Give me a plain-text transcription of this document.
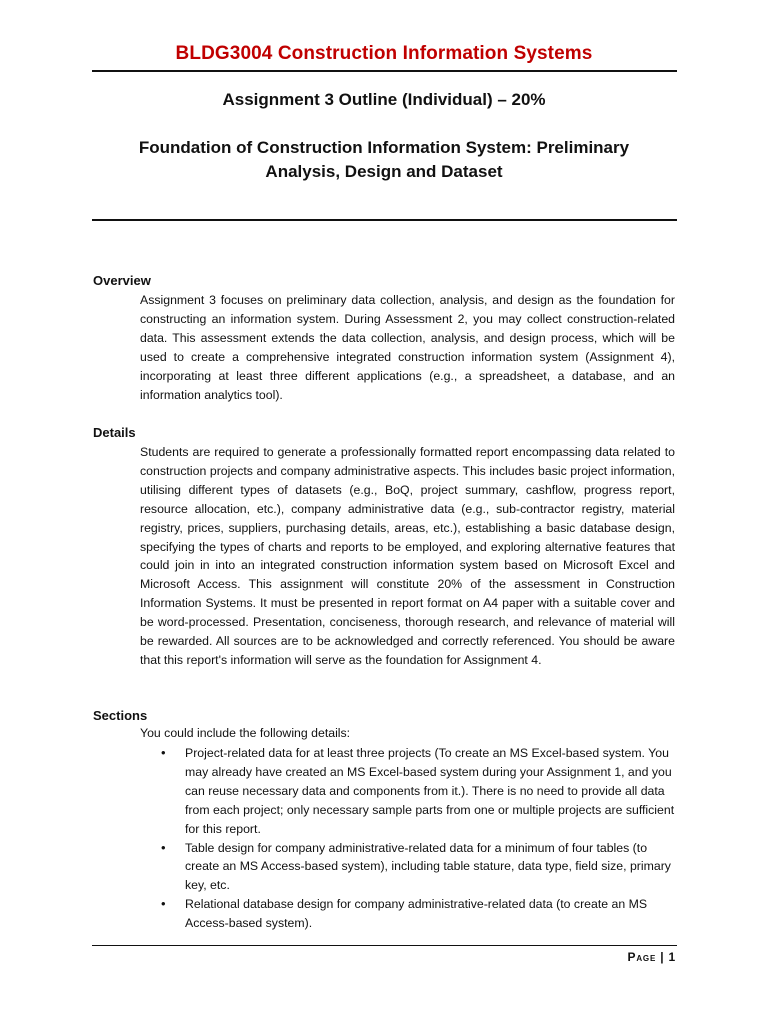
BLDG3004 Construction Information Systems
Assignment 3 Outline (Individual) – 20%
Foundation of Construction Information System: Preliminary Analysis, Design and Dataset
Overview

Assignment 3 focuses on preliminary data collection, analysis, and design as the foundation for constructing an information system. During Assessment 2, you may collect construction-related data. This assessment extends the data collection, analysis, and design process, which will be used to create a comprehensive integrated construction information system (Assignment 4), incorporating at least three different applications (e.g., a spreadsheet, a database, and an information analytics tool).

Details

Students are required to generate a professionally formatted report encompassing data related to construction projects and company administrative aspects. This includes basic project information, utilising different types of datasets (e.g., BoQ, project summary, cashflow, progress report, resource allocation, etc.), company administrative data (e.g., sub-contractor registry, material registry, prices, suppliers, purchasing details, areas, etc.), establishing a basic database design, specifying the types of charts and reports to be employed, and exploring alternative features that could join in into an integrated construction information system based on Microsoft Excel and Microsoft Access. This assignment will constitute 20% of the assessment in Construction Information Systems. It must be presented in report format on A4 paper with a suitable cover and be word-processed. Presentation, conciseness, thorough research, and relevance of material will be rewarded. All sources are to be acknowledged and correctly referenced. You should be aware that this report's information will serve as the foundation for Assignment 4.

Sections

You could include the following details:

• Project-related data for at least three projects (To create an MS Excel-based system. You may already have created an MS Excel-based system during your Assignment 1, and you can reuse necessary data and components from it.). There is no need to provide all data from each project; only necessary sample parts from one or multiple projects are sufficient for this report.
• Table design for company administrative-related data for a minimum of four tables (to create an MS Access-based system), including table stature, data type, field size, primary key, etc.
• Relational database design for company administrative-related data (to create an MS Access-based system).
Page | 1
